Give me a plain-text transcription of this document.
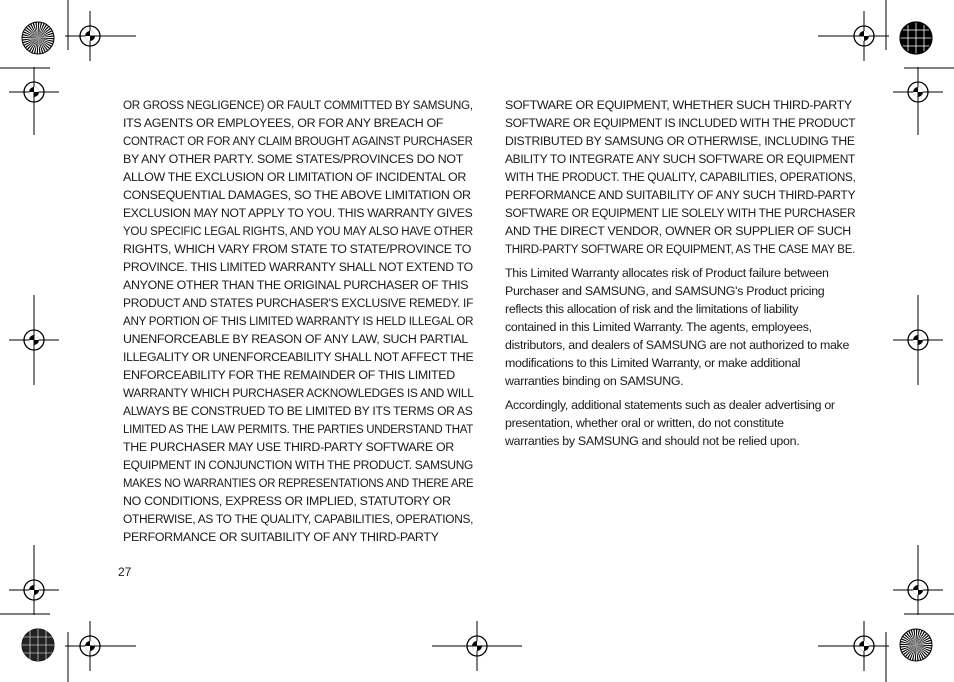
OR GROSS NEGLIGENCE) OR FAULT COMMITTED BY SAMSUNG,
ITS AGENTS OR EMPLOYEES, OR FOR ANY BREACH OF
CONTRACT OR FOR ANY CLAIM BROUGHT AGAINST PURCHASER
BY ANY OTHER PARTY. SOME STATES/PROVINCES DO NOT
ALLOW THE EXCLUSION OR LIMITATION OF INCIDENTAL OR
CONSEQUENTIAL DAMAGES, SO THE ABOVE LIMITATION OR
EXCLUSION MAY NOT APPLY TO YOU. THIS WARRANTY GIVES
YOU SPECIFIC LEGAL RIGHTS, AND YOU MAY ALSO HAVE OTHER
RIGHTS, WHICH VARY FROM STATE TO STATE/PROVINCE TO
PROVINCE. THIS LIMITED WARRANTY SHALL NOT EXTEND TO
ANYONE OTHER THAN THE ORIGINAL PURCHASER OF THIS
PRODUCT AND STATES PURCHASER'S EXCLUSIVE REMEDY. IF
ANY PORTION OF THIS LIMITED WARRANTY IS HELD ILLEGAL OR
UNENFORCEABLE BY REASON OF ANY LAW, SUCH PARTIAL
ILLEGALITY OR UNENFORCEABILITY SHALL NOT AFFECT THE
ENFORCEABILITY FOR THE REMAINDER OF THIS LIMITED
WARRANTY WHICH PURCHASER ACKNOWLEDGES IS AND WILL
ALWAYS BE CONSTRUED TO BE LIMITED BY ITS TERMS OR AS
LIMITED AS THE LAW PERMITS. THE PARTIES UNDERSTAND THAT
THE PURCHASER MAY USE THIRD-PARTY SOFTWARE OR
EQUIPMENT IN CONJUNCTION WITH THE PRODUCT. SAMSUNG
MAKES NO WARRANTIES OR REPRESENTATIONS AND THERE ARE
NO CONDITIONS, EXPRESS OR IMPLIED, STATUTORY OR
OTHERWISE, AS TO THE QUALITY, CAPABILITIES, OPERATIONS,
PERFORMANCE OR SUITABILITY OF ANY THIRD-PARTY
SOFTWARE OR EQUIPMENT, WHETHER SUCH THIRD-PARTY
SOFTWARE OR EQUIPMENT IS INCLUDED WITH THE PRODUCT
DISTRIBUTED BY SAMSUNG OR OTHERWISE, INCLUDING THE
ABILITY TO INTEGRATE ANY SUCH SOFTWARE OR EQUIPMENT
WITH THE PRODUCT. THE QUALITY, CAPABILITIES, OPERATIONS,
PERFORMANCE AND SUITABILITY OF ANY SUCH THIRD-PARTY
SOFTWARE OR EQUIPMENT LIE SOLELY WITH THE PURCHASER
AND THE DIRECT VENDOR, OWNER OR SUPPLIER OF SUCH
THIRD-PARTY SOFTWARE OR EQUIPMENT, AS THE CASE MAY BE.
This Limited Warranty allocates risk of Product failure between
Purchaser and SAMSUNG, and SAMSUNG's Product pricing
reflects this allocation of risk and the limitations of liability
contained in this Limited Warranty. The agents, employees,
distributors, and dealers of SAMSUNG are not authorized to make
modifications to this Limited Warranty, or make additional
warranties binding on SAMSUNG.
Accordingly, additional statements such as dealer advertising or
presentation, whether oral or written, do not constitute
warranties by SAMSUNG and should not be relied upon.
27
